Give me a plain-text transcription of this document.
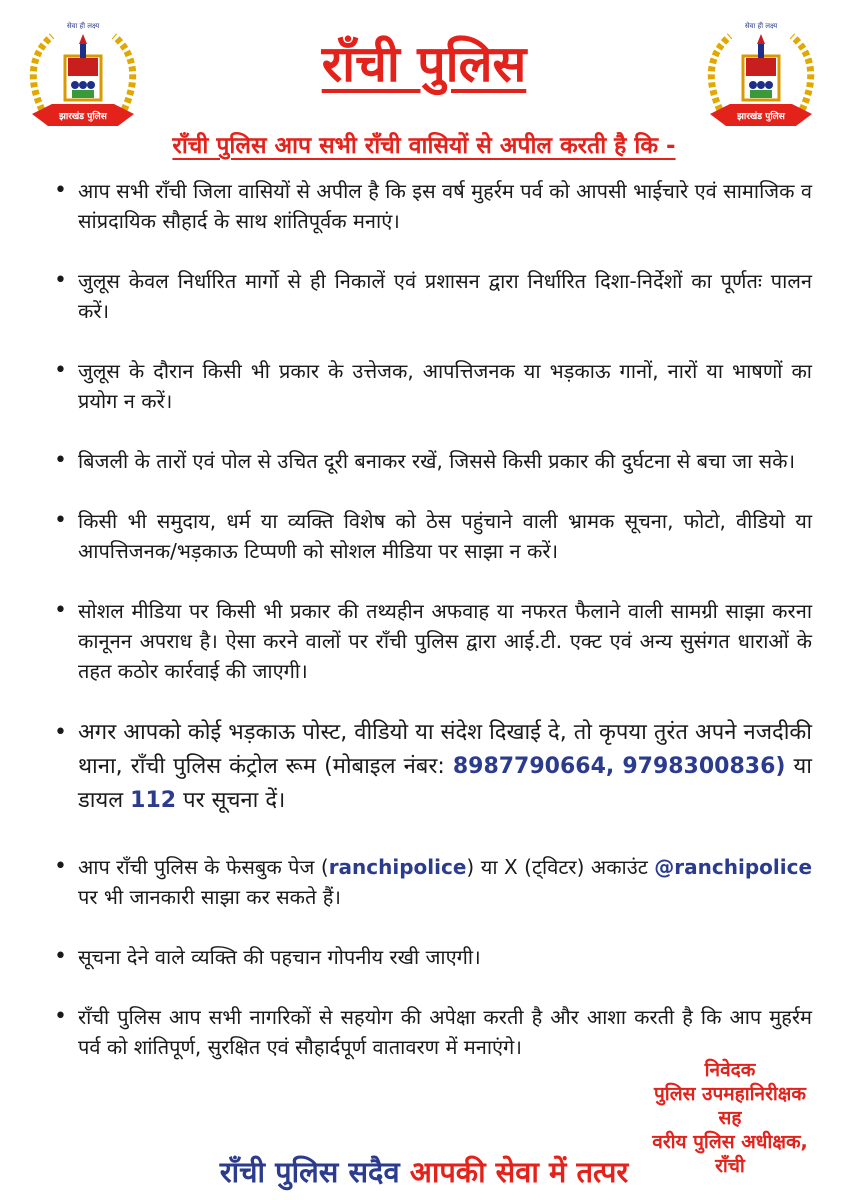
सेवा ही लक्ष्य
झारखंड पुलिस
सेवा ही लक्ष्य
झारखंड पुलिस
राँची पुलिस
राँची पुलिस आप सभी राँची वासियों से अपील करती है कि -
• आप सभी राँची जिला वासियों से अपील है कि इस वर्ष मुहर्रम पर्व को आपसी भाईचारे एवं सामाजिक व सांप्रदायिक सौहार्द के साथ शांतिपूर्वक मनाएं।
• जुलूस केवल निर्धारित मार्गो से ही निकालें एवं प्रशासन द्वारा निर्धारित दिशा-निर्देशों का पूर्णतः पालन करें।
• जुलूस के दौरान किसी भी प्रकार के उत्तेजक, आपत्तिजनक या भड़काऊ गानों, नारों या भाषणों का प्रयोग न करें।
• बिजली के तारों एवं पोल से उचित दूरी बनाकर रखें, जिससे किसी प्रकार की दुर्घटना से बचा जा सके।
• किसी भी समुदाय, धर्म या व्यक्ति विशेष को ठेस पहुंचाने वाली भ्रामक सूचना, फोटो, वीडियो या आपत्तिजनक/भड़काऊ टिप्पणी को सोशल मीडिया पर साझा न करें।
• सोशल मीडिया पर किसी भी प्रकार की तथ्यहीन अफवाह या नफरत फैलाने वाली सामग्री साझा करना कानूनन अपराध है। ऐसा करने वालों पर राँची पुलिस द्वारा आई.टी. एक्ट एवं अन्य सुसंगत धाराओं के तहत कठोर कार्रवाई की जाएगी।
• अगर आपको कोई भड़काऊ पोस्ट, वीडियो या संदेश दिखाई दे, तो कृपया तुरंत अपने नजदीकी थाना, राँची पुलिस कंट्रोल रूम (मोबाइल नंबर: 8987790664, 9798300836) या डायल 112 पर सूचना दें।
• आप राँची पुलिस के फेसबुक पेज (ranchipolice) या X (ट्विटर) अकाउंट @ranchipolice पर भी जानकारी साझा कर सकते हैं।
• सूचना देने वाले व्यक्ति की पहचान गोपनीय रखी जाएगी।
• राँची पुलिस आप सभी नागरिकों से सहयोग की अपेक्षा करती है और आशा करती है कि आप मुहर्रम पर्व को शांतिपूर्ण, सुरक्षित एवं सौहार्दपूर्ण वातावरण में मनाएंगे।
निवेदक
पुलिस उपमहानिरीक्षक
सह
वरीय पुलिस अधीक्षक,
राँची
राँची पुलिस सदैव आपकी सेवा में तत्पर
